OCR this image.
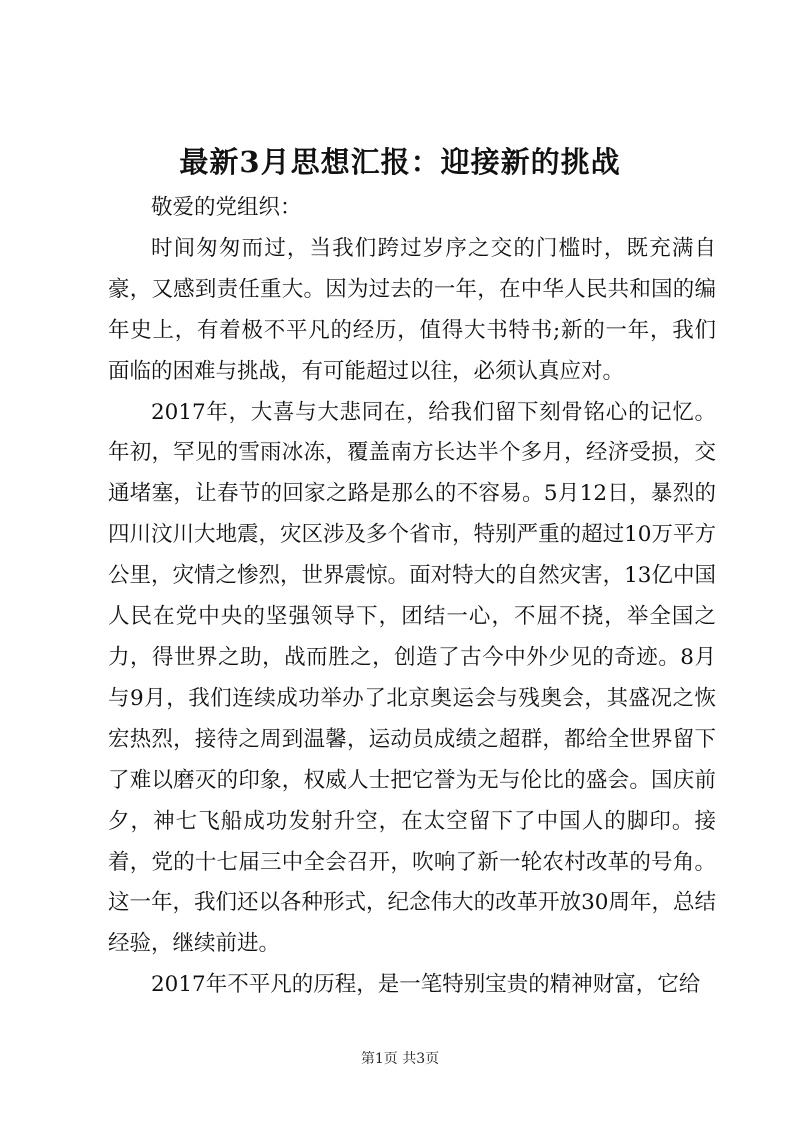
最新3月思想汇报：迎接新的挑战

敬爱的党组织：

时间匆匆而过，当我们跨过岁序之交的门槛时，既充满自豪，又感到责任重大。因为过去的一年，在中华人民共和国的编年史上，有着极不平凡的经历，值得大书特书;新的一年，我们面临的困难与挑战，有可能超过以往，必须认真应对。

2017年，大喜与大悲同在，给我们留下刻骨铭心的记忆。年初，罕见的雪雨冰冻，覆盖南方长达半个多月，经济受损，交通堵塞，让春节的回家之路是那么的不容易。5月12日，暴烈的四川汶川大地震，灾区涉及多个省市，特别严重的超过10万平方公里，灾情之惨烈，世界震惊。面对特大的自然灾害，13亿中国人民在党中央的坚强领导下，团结一心，不屈不挠，举全国之力，得世界之助，战而胜之，创造了古今中外少见的奇迹。8月与9月，我们连续成功举办了北京奥运会与残奥会，其盛况之恢宏热烈，接待之周到温馨，运动员成绩之超群，都给全世界留下了难以磨灭的印象，权威人士把它誉为无与伦比的盛会。国庆前夕，神七飞船成功发射升空，在太空留下了中国人的脚印。接着，党的十七届三中全会召开，吹响了新一轮农村改革的号角。这一年，我们还以各种形式，纪念伟大的改革开放30周年，总结经验，继续前进。

2017年不平凡的历程，是一笔特别宝贵的精神财富，它给

第1页 共3页
